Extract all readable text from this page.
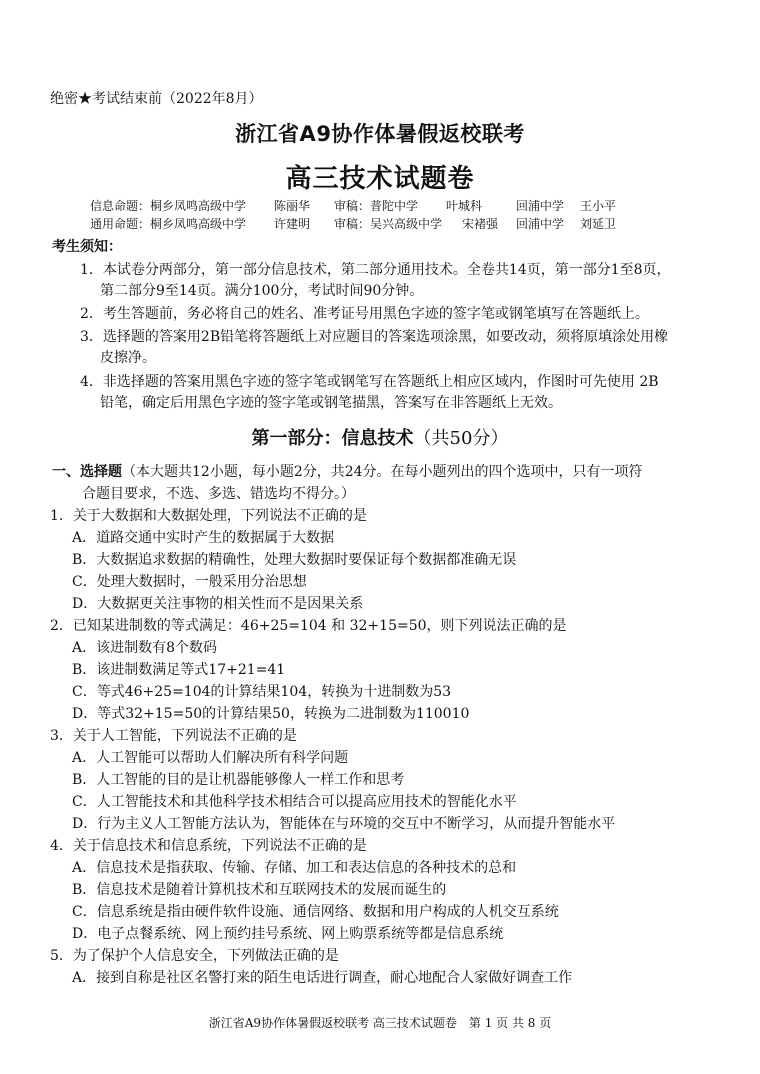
绝密★考试结束前（2022年8月）
浙江省A9协作体暑假返校联考
高三技术试题卷
信息命题：桐乡凤鸣高级中学 陈丽华 审稿：普陀中学 叶城科	回浦中学 王小平
通用命题：桐乡凤鸣高级中学 许建明 审稿：吴兴高级中学 宋褚强 回浦中学 刘延卫
考生须知：
1．本试卷分两部分，第一部分信息技术，第二部分通用技术。全卷共14页，第一部分1至8页，
第二部分9至14页。满分100分，考试时间90分钟。
2．考生答题前，务必将自己的姓名、准考证号用黑色字迹的签字笔或钢笔填写在答题纸上。
3．选择题的答案用2B铅笔将答题纸上对应题目的答案选项涂黑，如要改动，须将原填涂处用橡
皮擦净。
4．非选择题的答案用黑色字迹的签字笔或钢笔写在答题纸上相应区域内，作图时可先使用 2B
铅笔，确定后用黑色字迹的签字笔或钢笔描黑，答案写在非答题纸上无效。
第一部分：信息技术（共50分）
一、选择题（本大题共12小题，每小题2分，共24分。在每小题列出的四个选项中，只有一项符
合题目要求，不选、多选、错选均不得分。）
1．关于大数据和大数据处理，下列说法不正确的是
A．道路交通中实时产生的数据属于大数据
B．大数据追求数据的精确性，处理大数据时要保证每个数据都准确无误
C．处理大数据时，一般采用分治思想
D．大数据更关注事物的相关性而不是因果关系
2．已知某进制数的等式满足：46+25=104 和 32+15=50，则下列说法正确的是
A．该进制数有8个数码
B．该进制数满足等式17+21=41
C．等式46+25=104的计算结果104，转换为十进制数为53
D．等式32+15=50的计算结果50，转换为二进制数为110010
3．关于人工智能，下列说法不正确的是
A．人工智能可以帮助人们解决所有科学问题
B．人工智能的目的是让机器能够像人一样工作和思考
C．人工智能技术和其他科学技术相结合可以提高应用技术的智能化水平
D．行为主义人工智能方法认为，智能体在与环境的交互中不断学习，从而提升智能水平
4．关于信息技术和信息系统，下列说法不正确的是
A．信息技术是指获取、传输、存储、加工和表达信息的各种技术的总和
B．信息技术是随着计算机技术和互联网技术的发展而诞生的
C．信息系统是指由硬件软件设施、通信网络、数据和用户构成的人机交互系统
D．电子点餐系统、网上预约挂号系统、网上购票系统等都是信息系统
5．为了保护个人信息安全，下列做法正确的是
A．接到自称是社区名警打来的陌生电话进行调查，耐心地配合人家做好调查工作
浙江省A9协作体暑假返校联考 高三技术试题卷　第 1 页 共 8 页
